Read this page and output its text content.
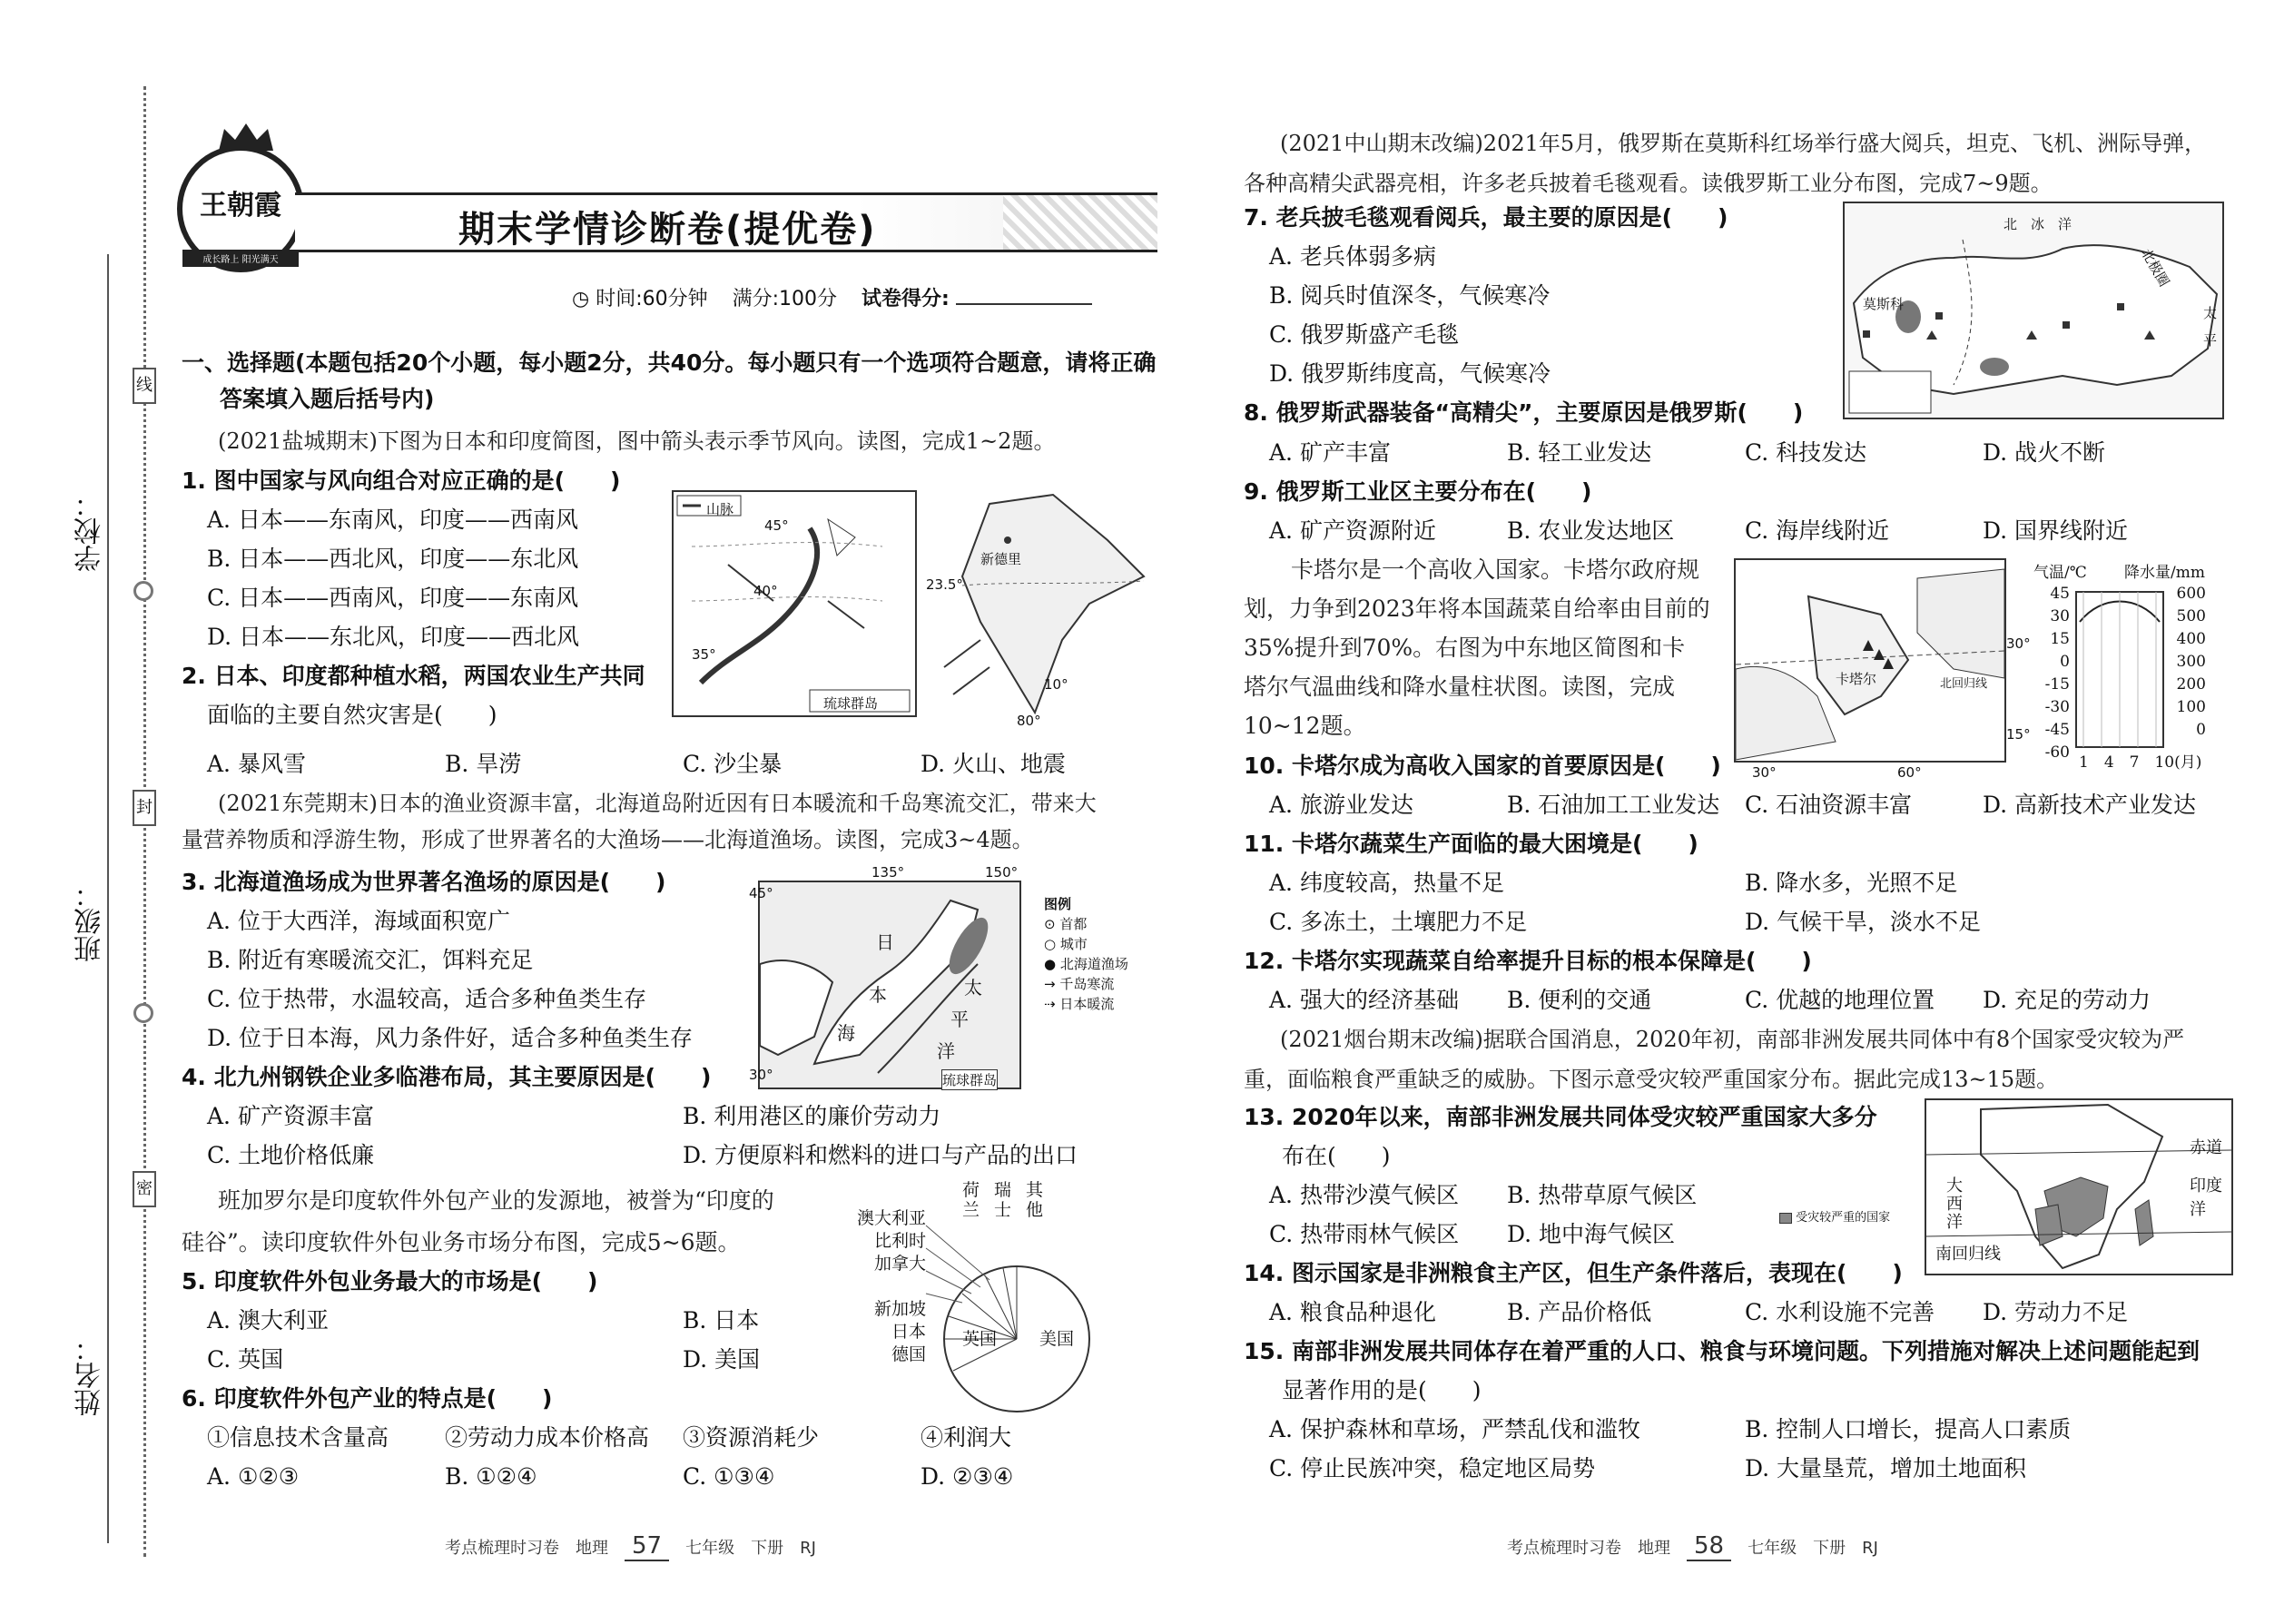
学校：
班级：
姓名：
线
封
密
王朝霞
成长路上 阳光满天
期末学情诊断卷(提优卷)
◷ 时间:60分钟 满分:100分 试卷得分:
一、选择题(本题包括20个小题，每小题2分，共40分。每小题只有一个选项符合题意，请将正确
答案填入题后括号内)
(2021盐城期末)下图为日本和印度简图，图中箭头表示季节风向。读图，完成1~2题。
1. 图中国家与风向组合对应正确的是(　　)
A. 日本——东南风，印度——西南风
B. 日本——西北风，印度——东北风
C. 日本——西南风，印度——东南风
D. 日本——东北风，印度——西北风
2. 日本、印度都种植水稻，两国农业生产共同
面临的主要自然灾害是(　　)
A. 暴风雪	B. 旱涝	C. 沙尘暴	D. 火山、地震
(2021东莞期末)日本的渔业资源丰富，北海道岛附近因有日本暖流和千岛寒流交汇，带来大
量营养物质和浮游生物，形成了世界著名的大渔场——北海道渔场。读图，完成3~4题。
3. 北海道渔场成为世界著名渔场的原因是(　　)
A. 位于大西洋，海域面积宽广
B. 附近有寒暖流交汇，饵料充足
C. 位于热带，水温较高，适合多种鱼类生存
D. 位于日本海，风力条件好，适合多种鱼类生存
4. 北九州钢铁企业多临港布局，其主要原因是(　　)
A. 矿产资源丰富	B. 利用港区的廉价劳动力
C. 土地价格低廉	D. 方便原料和燃料的进口与产品的出口
班加罗尔是印度软件外包产业的发源地，被誉为“印度的
硅谷”。读印度软件外包业务市场分布图，完成5~6题。
5. 印度软件外包业务最大的市场是(　　)
A. 澳大利亚	B. 日本
C. 英国	D. 美国
6. 印度软件外包产业的特点是(　　)
①信息技术含量高	②劳动力成本价格高	③资源消耗少	④利润大
A. ①②③	B. ①②④	C. ①③④	D. ②③④
山脉
45°
40°
35°
琉球群岛
新德里
23.5°
10°
80°
日
本
海
太
平
洋
琉球群岛
135°	150°
45°
30°
图例
⊙ 首都
○ 城市
● 北海道渔场
→ 千岛寒流
⇢ 日本暖流
澳大利亚
比利时
加拿大

新加坡
日本
德国
荷兰
瑞士
其他
英国 美国
(2021中山期末改编)2021年5月，俄罗斯在莫斯科红场举行盛大阅兵，坦克、飞机、洲际导弹，
各种高精尖武器亮相，许多老兵披着毛毯观看。读俄罗斯工业分布图，完成7~9题。
7. 老兵披毛毯观看阅兵，最主要的原因是(　　)
A. 老兵体弱多病
B. 阅兵时值深冬，气候寒冷
C. 俄罗斯盛产毛毯
D. 俄罗斯纬度高，气候寒冷
8. 俄罗斯武器装备“高精尖”，主要原因是俄罗斯(　　)
A. 矿产丰富	B. 轻工业发达	C. 科技发达	D. 战火不断
9. 俄罗斯工业区主要分布在(　　)
A. 矿产资源附近	B. 农业发达地区	C. 海岸线附近	D. 国界线附近
卡塔尔是一个高收入国家。卡塔尔政府规
划，力争到2023年将本国蔬菜自给率由目前的
35%提升到70%。右图为中东地区简图和卡
塔尔气温曲线和降水量柱状图。读图，完成
10~12题。
10. 卡塔尔成为高收入国家的首要原因是(　　)
A. 旅游业发达	B. 石油加工工业发达	C. 石油资源丰富	D. 高新技术产业发达
11. 卡塔尔蔬菜生产面临的最大困境是(　　)
A. 纬度较高，热量不足	B. 降水多，光照不足
C. 多冻土，土壤肥力不足	D. 气候干旱，淡水不足
12. 卡塔尔实现蔬菜自给率提升目标的根本保障是(　　)
A. 强大的经济基础	B. 便利的交通	C. 优越的地理位置	D. 充足的劳动力
(2021烟台期末改编)据联合国消息，2020年初，南部非洲发展共同体中有8个国家受灾较为严
重，面临粮食严重缺乏的威胁。下图示意受灾较严重国家分布。据此完成13~15题。
13. 2020年以来，南部非洲发展共同体受灾较严重国家大多分
布在(　　)
A. 热带沙漠气候区	B. 热带草原气候区
C. 热带雨林气候区	D. 地中海气候区
14. 图示国家是非洲粮食主产区，但生产条件落后，表现在(　　)
A. 粮食品种退化	B. 产品价格低	C. 水利设施不完善	D. 劳动力不足
15. 南部非洲发展共同体存在着严重的人口、粮食与环境问题。下列措施对解决上述问题能起到
显著作用的是(　　)
A. 保护森林和草场，严禁乱伐和滥牧	B. 控制人口增长，提高人口素质
C. 停止民族冲突，稳定地区局势	D. 大量垦荒，增加土地面积
北　冰　洋
北极圈
莫斯科
太
平
卡塔尔	北回归线
30°	60°
30°
15°
气温/℃ 降水量/mm
45
30
15
0
-15
-30
-45
-60
600
500
400
300
200
100
0
1　4　7　10(月)
大
西
洋
赤道
印度洋
南回归线
受灾较严重的国家
考点梳理时习卷　地理	57	七年级　下册　RJ	考点梳理时习卷　地理	58	七年级　下册　RJ
